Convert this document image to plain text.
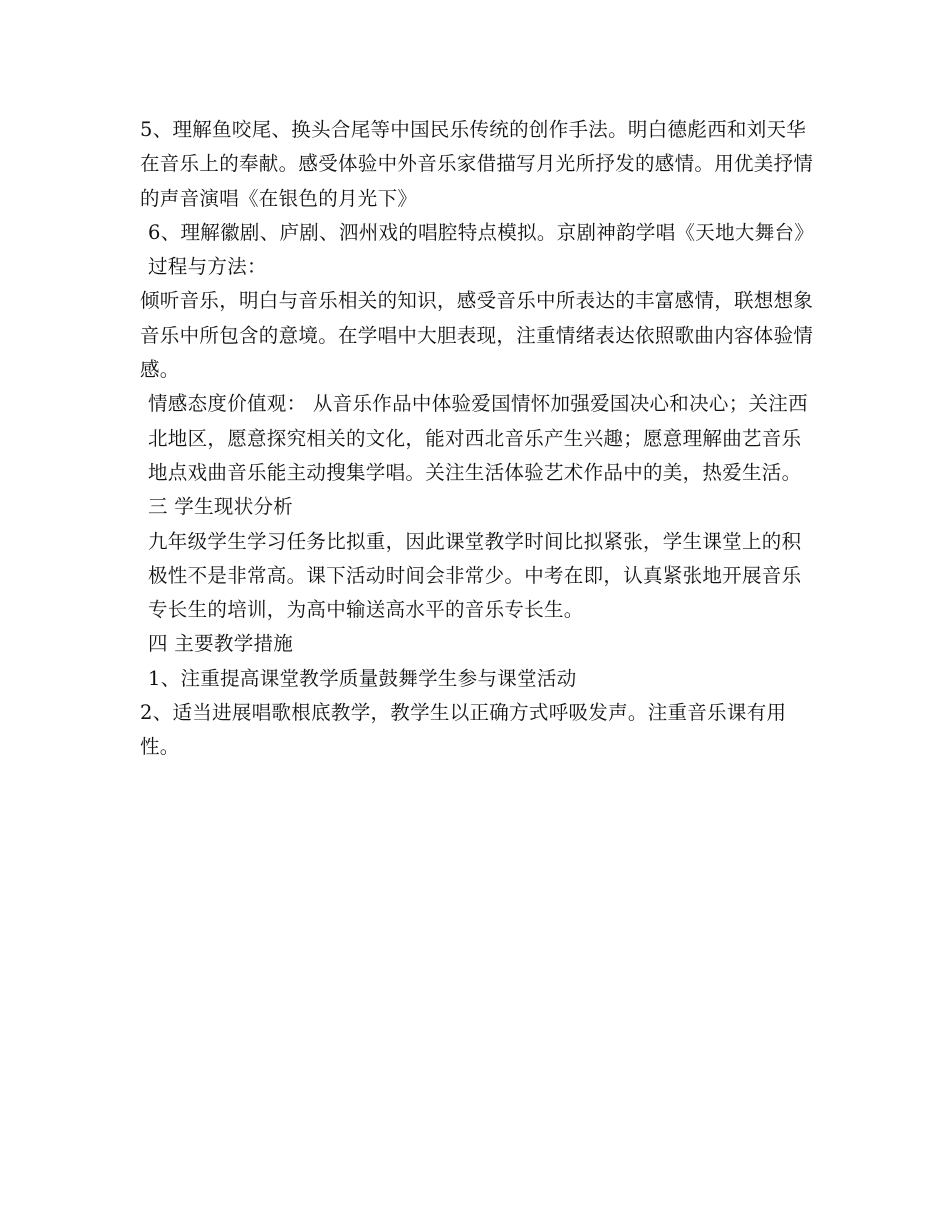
5、理解鱼咬尾、换头合尾等中国民乐传统的创作手法。明白德彪西和刘天华在音乐上的奉献。感受体验中外音乐家借描写月光所抒发的感情。用优美抒情的声音演唱《在银色的月光下》

6、理解徽剧、庐剧、泗州戏的唱腔特点模拟。京剧神韵学唱《天地大舞台》

过程与方法：

倾听音乐，明白与音乐相关的知识，感受音乐中所表达的丰富感情，联想想象音乐中所包含的意境。在学唱中大胆表现，注重情绪表达依照歌曲内容体验情感。

情感态度价值观： 从音乐作品中体验爱国情怀加强爱国决心和决心；关注西北地区，愿意探究相关的文化，能对西北音乐产生兴趣；愿意理解曲艺音乐地点戏曲音乐能主动搜集学唱。关注生活体验艺术作品中的美，热爱生活。

三 学生现状分析

九年级学生学习任务比拟重，因此课堂教学时间比拟紧张，学生课堂上的积极性不是非常高。课下活动时间会非常少。中考在即，认真紧张地开展音乐专长生的培训，为高中输送高水平的音乐专长生。

四 主要教学措施

1、注重提高课堂教学质量鼓舞学生参与课堂活动

2、适当进展唱歌根底教学，教学生以正确方式呼吸发声。注重音乐课有用性。
